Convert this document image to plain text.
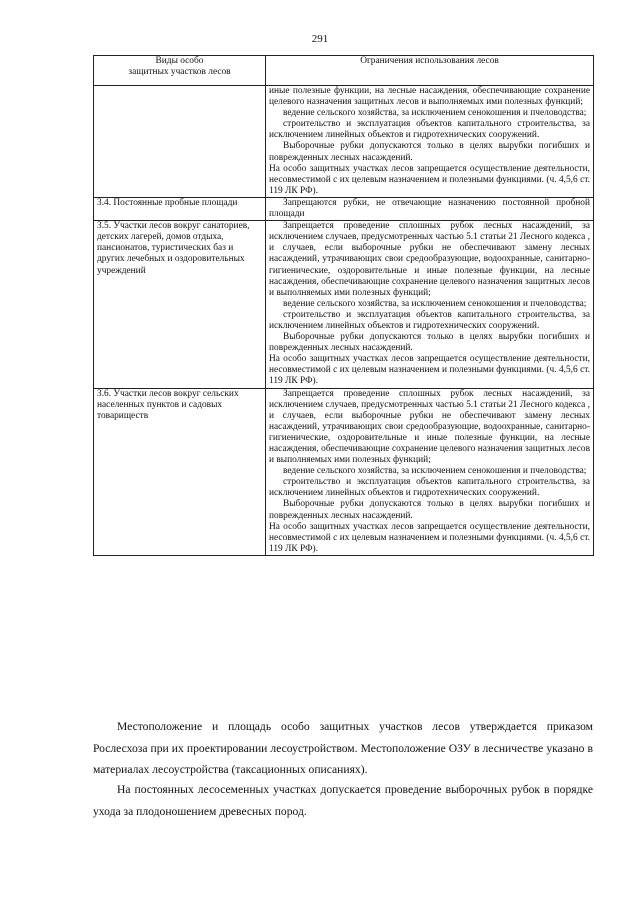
291
Виды особо
защитных участков лесов	Ограничения использования лесов

	иные полезные функции, на лесные насаждения, обеспечивающие сохранение целевого назначения защитных лесов и выполняемых ими полезных функций;
ведение сельского хозяйства, за исключением сенокошения и пчеловодства;
строительство и эксплуатация объектов капитального строительства, за исключением линейных объектов и гидротехнических сооружений.
Выборочные рубки допускаются только в целях вырубки погибших и поврежденных лесных насаждений.
На особо защитных участках лесов запрещается осуществление деятельности, несовместимой с их целевым назначением и полезными функциями. (ч. 4,5,6 ст. 119 ЛК РФ).

3.4. Постоянные пробные площади	Запрещаются рубки, не отвечающие назначению постоянной пробной площади

3.5. Участки лесов вокруг санаториев, детских лагерей, домов отдыха, пансионатов, туристических баз и других лечебных и оздоровительных учреждений	Запрещается проведение сплошных рубок лесных насаждений, за исключением случаев, предусмотренных частью 5.1 статьи 21 Лесного кодекса , и случаев, если выборочные рубки не обеспечивают замену лесных насаждений, утрачивающих свои средообразующие, водоохранные, санитарно-гигиенические, оздоровительные и иные полезные функции, на лесные насаждения, обеспечивающие сохранение целевого назначения защитных лесов и выполняемых ими полезных функций;
ведение сельского хозяйства, за исключением сенокошения и пчеловодства;
строительство и эксплуатация объектов капитального строительства, за исключением линейных объектов и гидротехнических сооружений.
Выборочные рубки допускаются только в целях вырубки погибших и поврежденных лесных насаждений.
На особо защитных участках лесов запрещается осуществление деятельности, несовместимой с их целевым назначением и полезными функциями. (ч. 4,5,6 ст. 119 ЛК РФ).

3.6. Участки лесов вокруг сельских населенных пунктов и садовых товариществ	Запрещается проведение сплошных рубок лесных насаждений, за исключением случаев, предусмотренных частью 5.1 статьи 21 Лесного кодекса , и случаев, если выборочные рубки не обеспечивают замену лесных насаждений, утрачивающих свои средообразующие, водоохранные, санитарно-гигиенические, оздоровительные и иные полезные функции, на лесные насаждения, обеспечивающие сохранение целевого назначения защитных лесов и выполняемых ими полезных функций;
ведение сельского хозяйства, за исключением сенокошения и пчеловодства;
строительство и эксплуатация объектов капитального строительства, за исключением линейных объектов и гидротехнических сооружений.
Выборочные рубки допускаются только в целях вырубки погибших и поврежденных лесных насаждений.
На особо защитных участках лесов запрещается осуществление деятельности, несовместимой с их целевым назначением и полезными функциями. (ч. 4,5,6 ст. 119 ЛК РФ).
Местоположение и площадь особо защитных участков лесов утверждается приказом Рослесхоза при их проектировании лесоустройством. Местоположение ОЗУ в лесничестве указано в материалах лесоустройства (таксационных описаниях).
На постоянных лесосеменных участках допускается проведение выборочных рубок в порядке ухода за плодоношением древесных пород.
